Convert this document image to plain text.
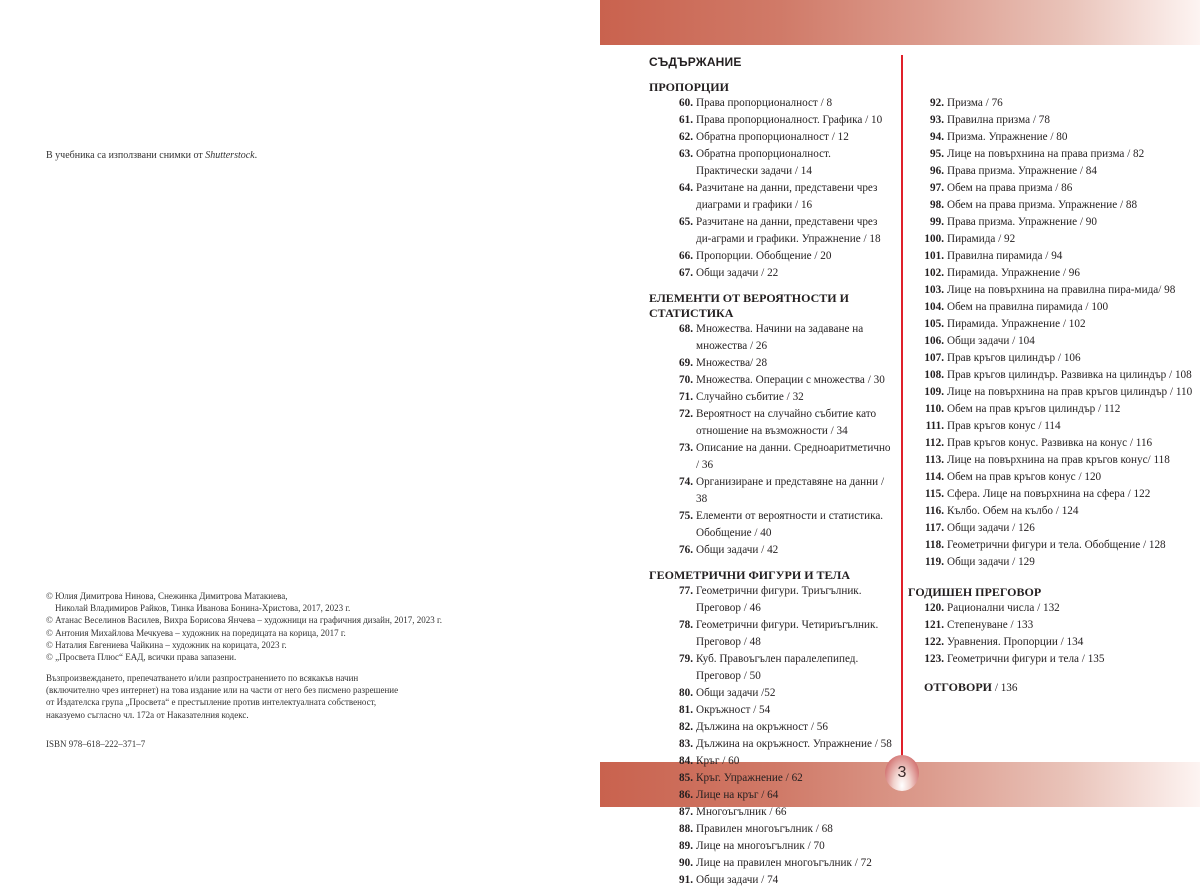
3
В учебника са използвани снимки от Shutterstock.
© Юлия Димитрова Нинова, Снежинка Димитрова Матакиева,
Николай Владимиров Райков, Тинка Иванова Бонина-Христова, 2017, 2023 г.
© Атанас Веселинов Василев, Вихра Борисова Янчева – художници на графичния дизайн, 2017, 2023 г.
© Антония Михайлова Мечкуева – художник на поредицата на корица, 2017 г.
© Наталия Евгениева Чайкина – художник на корицата, 2023 г.
© „Просвета Плюс“ ЕАД, всички права запазени.
Възпроизвеждането, препечатването и/или разпространението по всякакъв начин
(включително чрез интернет) на това издание или на части от него без писмено разрешение
от Издателска група „Просвета“ е престъпление против интелектуалната собственост,
наказуемо съгласно чл. 172а от Наказателния кодекс.
ISBN 978–618–222–371–7
СЪДЪРЖАНИЕ
ПРОПОРЦИИ
60. Права пропорционалност / 8
61. Права пропорционалност. Графика / 10
62. Обратна пропорционалност / 12
63. Обратна пропорционалност. Практически задачи / 14
64. Разчитане на данни, представени чрез диаграми и графики / 16
65. Разчитане на данни, представени чрез ди-аграми и графики. Упражнение / 18
66. Пропорции. Обобщение / 20
67. Общи задачи / 22
ЕЛЕМЕНТИ ОТ ВЕРОЯТНОСТИ И СТАТИСТИКА
68. Множества. Начини на задаване на множества / 26
69. Множества/ 28
70. Множества. Операции с множества / 30
71. Случайно събитие / 32
72. Вероятност на случайно събитие като отношение на възможности / 34
73. Описание на данни. Средноаритметично / 36
74. Организиране и представяне на данни / 38
75. Елементи от вероятности и статистика. Обобщение / 40
76. Общи задачи / 42
ГЕОМЕТРИЧНИ ФИГУРИ И ТЕЛА
77. Геометрични фигури. Триъгълник. Преговор / 46
78. Геометрични фигури. Четириъгълник. Преговор / 48
79. Куб. Правоъгълен паралелепипед. Преговор / 50
80. Общи задачи /52
81. Окръжност / 54
82. Дължина на окръжност / 56
83. Дължина на окръжност. Упражнение / 58
84. Кръг / 60
85. Кръг. Упражнение / 62
86. Лице на кръг / 64
87. Многоъгълник / 66
88. Правилен многоъгълник / 68
89. Лице на многоъгълник / 70
90. Лице на правилен многоъгълник / 72
91. Общи задачи / 74
92. Призма / 76
93. Правилна призма / 78
94. Призма. Упражнение / 80
95. Лице на повърхнина на права призма / 82
96. Права призма. Упражнение / 84
97. Обем на права призма / 86
98. Обем на права призма. Упражнение / 88
99. Права призма. Упражнение / 90
100. Пирамида / 92
101. Правилна пирамида / 94
102. Пирамида. Упражнение / 96
103. Лице на повърхнина на правилна пира-мида/ 98
104. Обем на правилна пирамида / 100
105. Пирамида. Упражнение / 102
106. Общи задачи / 104
107. Прав кръгов цилиндър / 106
108. Прав кръгов цилиндър. Развивка на цилиндър / 108
109. Лице на повърхнина на прав кръгов цилиндър / 110
110. Обем на прав кръгов цилиндър / 112
111. Прав кръгов конус / 114
112. Прав кръгов конус. Развивка на конус / 116
113. Лице на повърхнина на прав кръгов конус/ 118
114. Обем на прав кръгов конус / 120
115. Сфера. Лице на повърхнина на сфера / 122
116. Кълбо. Обем на кълбо / 124
117. Общи задачи / 126
118. Геометрични фигури и тела. Обобщение / 128
119. Общи задачи / 129
ГОДИШЕН ПРЕГОВОР
120. Рационални числа / 132
121. Степенуване / 133
122. Уравнения. Пропорции / 134
123. Геометрични фигури и тела / 135
ОТГОВОРИ / 136
